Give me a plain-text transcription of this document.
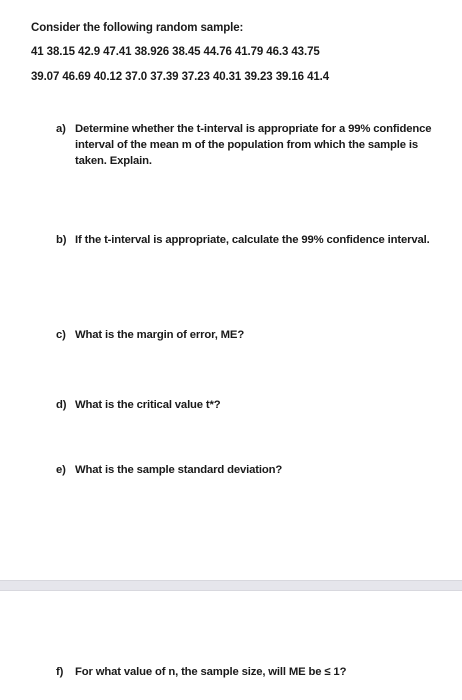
Consider the following random sample:
41 38.15 42.9 47.41 38.926 38.45 44.76 41.79 46.3 43.75
39.07 46.69 40.12 37.0 37.39 37.23 40.31 39.23 39.16 41.4
a) Determine whether the t-interval is appropriate for a 99% confidence interval of the mean m of the population from which the sample is taken. Explain.
b) If the t-interval is appropriate, calculate the 99% confidence interval.
c) What is the margin of error, ME?
d) What is the critical value t*?
e) What is the sample standard deviation?
f) For what value of n, the sample size, will ME be ≤ 1?
